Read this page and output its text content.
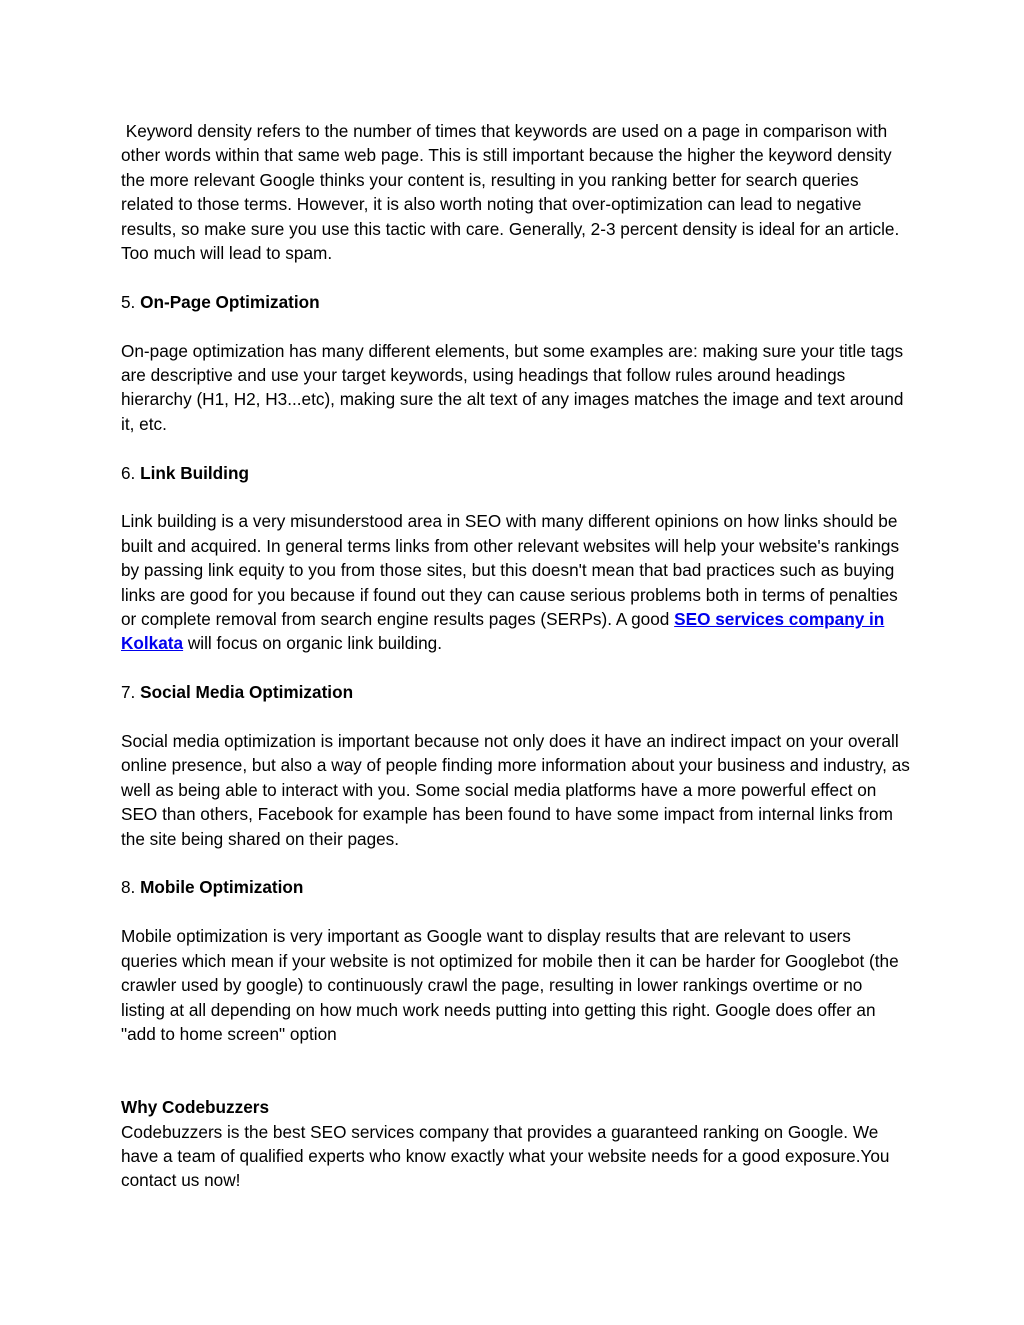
Keyword density refers to the number of times that keywords are used on a page in comparison with other words within that same web page. This is still important because the higher the keyword density the more relevant Google thinks your content is, resulting in you ranking better for search queries related to those terms. However, it is also worth noting that over-optimization can lead to negative results, so make sure you use this tactic with care. Generally, 2-3 percent density is ideal for an article. Too much will lead to spam.

5. On-Page Optimization

On-page optimization has many different elements, but some examples are: making sure your title tags are descriptive and use your target keywords, using headings that follow rules around headings hierarchy (H1, H2, H3...etc), making sure the alt text of any images matches the image and text around it, etc.

6. Link Building

Link building is a very misunderstood area in SEO with many different opinions on how links should be built and acquired. In general terms links from other relevant websites will help your website's rankings by passing link equity to you from those sites, but this doesn't mean that bad practices such as buying links are good for you because if found out they can cause serious problems both in terms of penalties or complete removal from search engine results pages (SERPs). A good SEO services company in Kolkata will focus on organic link building.

7. Social Media Optimization

Social media optimization is important because not only does it have an indirect impact on your overall online presence, but also a way of people finding more information about your business and industry, as well as being able to interact with you. Some social media platforms have a more powerful effect on SEO than others, Facebook for example has been found to have some impact from internal links from the site being shared on their pages.

8. Mobile Optimization

Mobile optimization is very important as Google want to display results that are relevant to users queries which mean if your website is not optimized for mobile then it can be harder for Googlebot (the crawler used by google) to continuously crawl the page, resulting in lower rankings overtime or no listing at all depending on how much work needs putting into getting this right. Google does offer an "add to home screen" option

Why Codebuzzers
Codebuzzers is the best SEO services company that provides a guaranteed ranking on Google. We have a team of qualified experts who know exactly what your website needs for a good exposure.You contact us now!
